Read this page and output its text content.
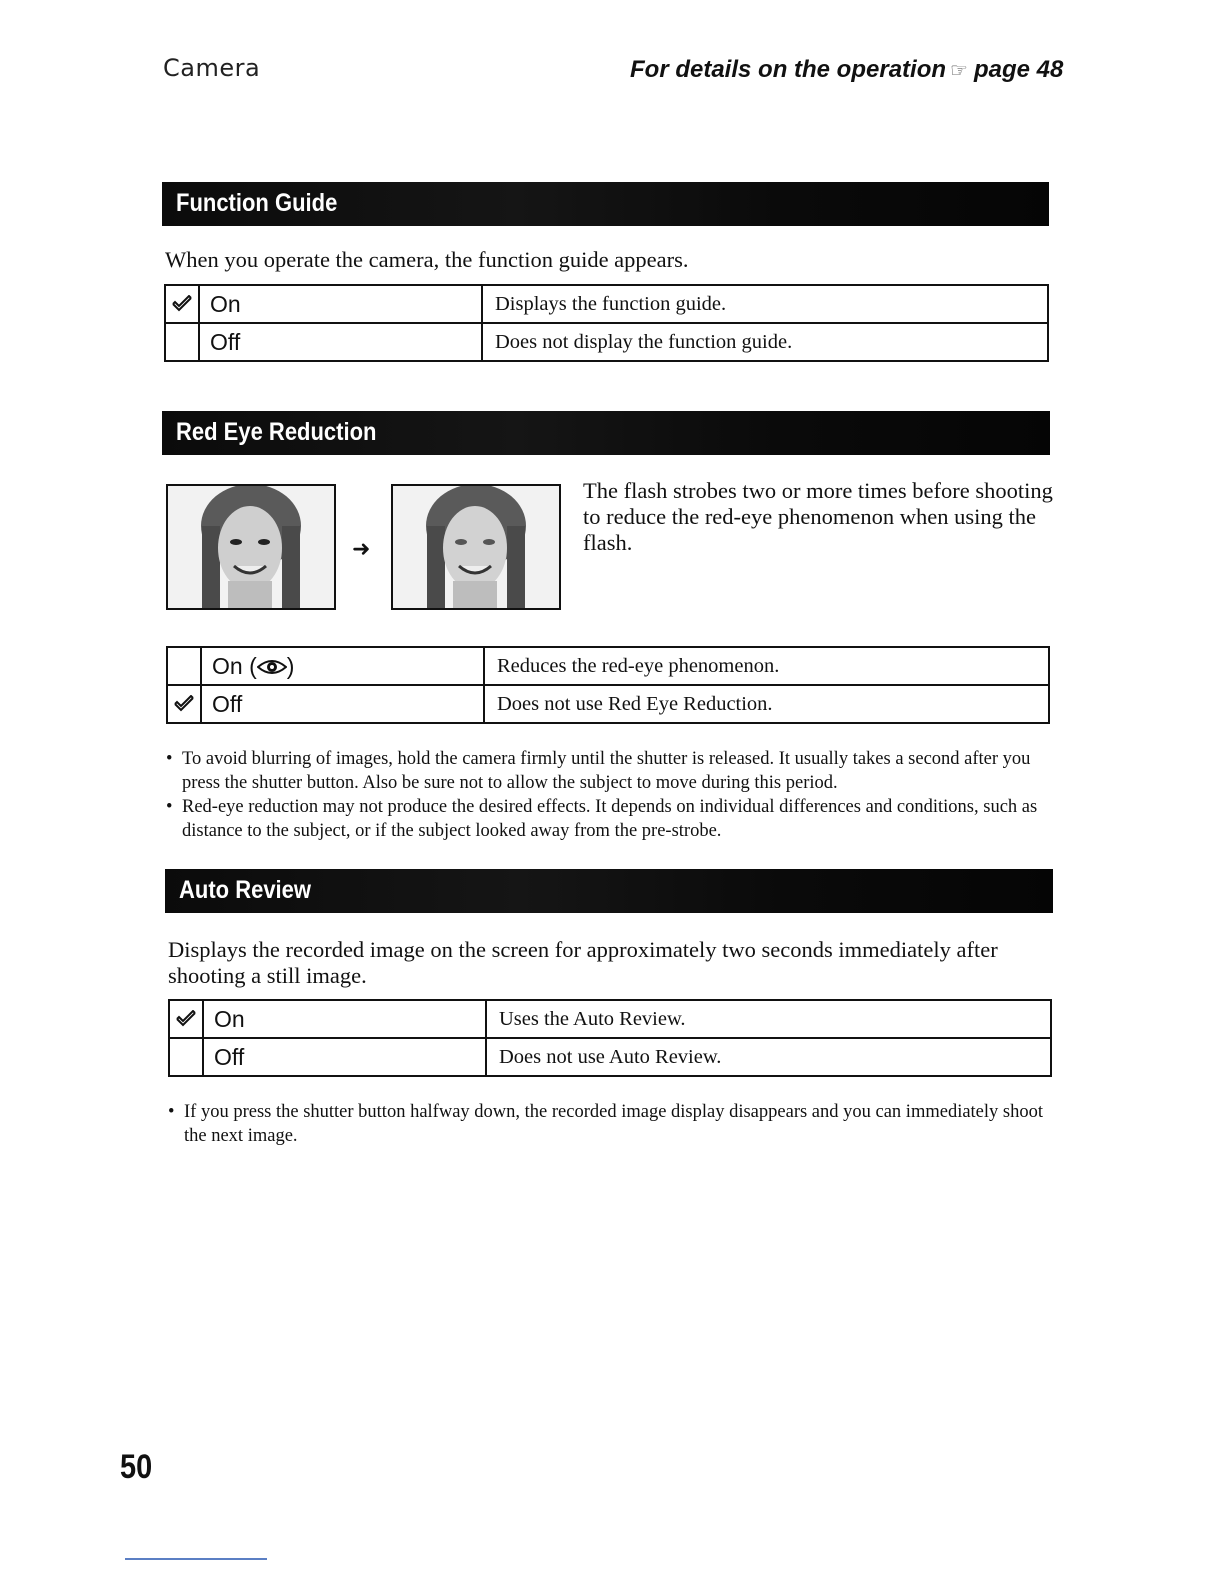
Camera	For details on the operation ☞ page 48
Function Guide
When you operate the camera, the function guide appears.
	On	Displays the function guide.
	Off	Does not display the function guide.
Red Eye Reduction
➜
The flash strobes two or more times before shooting to reduce the red-eye phenomenon when using the flash.
	On ( )	Reduces the red-eye phenomenon.
	Off	Does not use Red Eye Reduction.
• To avoid blurring of images, hold the camera firmly until the shutter is released. It usually takes a second after you press the shutter button. Also be sure not to allow the subject to move during this period.
• Red-eye reduction may not produce the desired effects. It depends on individual differences and conditions, such as distance to the subject, or if the subject looked away from the pre-strobe.
Auto Review
Displays the recorded image on the screen for approximately two seconds immediately after shooting a still image.
	On	Uses the Auto Review.
	Off	Does not use Auto Review.
• If you press the shutter button halfway down, the recorded image display disappears and you can immediately shoot the next image.
50
